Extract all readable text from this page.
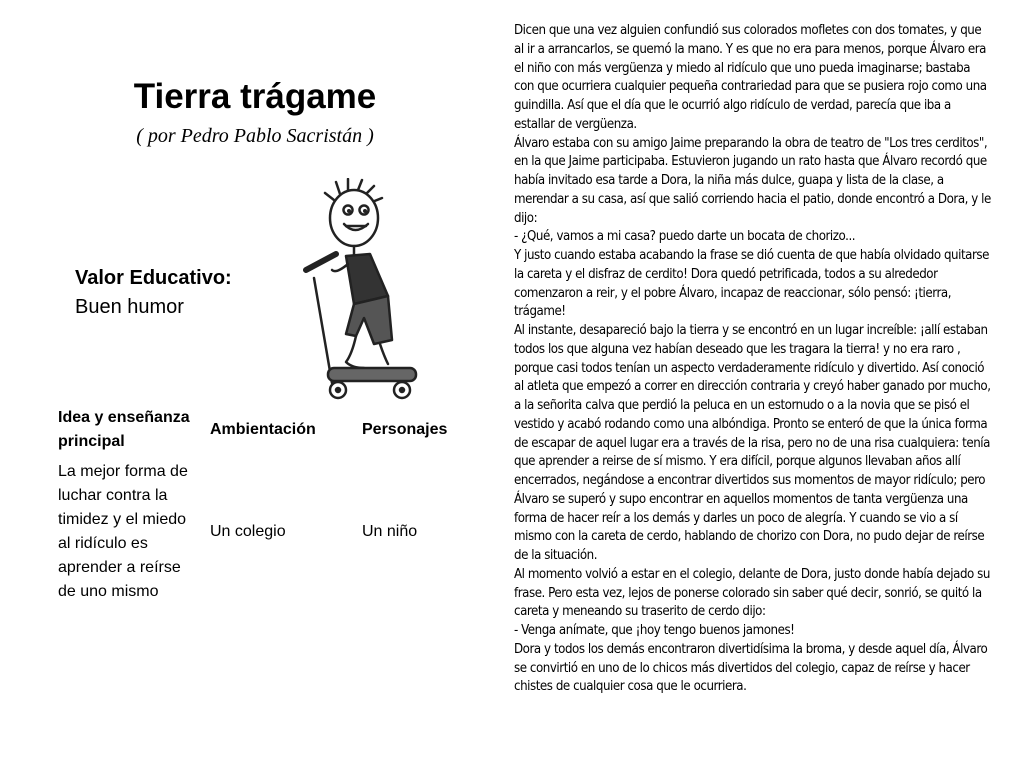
Tierra trágame
( por Pedro Pablo Sacristán )
Valor Educativo:
Buen humor
Idea y enseñanza principal	Ambientación	Personajes
La mejor forma de luchar contra la timidez y el miedo al ridículo es aprender a reírse de uno mismo	Un colegio	Un niño

Dicen que una vez alguien confundió sus colorados mofletes con dos tomates, y que al ir a arrancarlos, se quemó la mano. Y es que no era para menos, porque Álvaro era el niño con más vergüenza y miedo al ridículo que uno pueda imaginarse; bastaba con que ocurriera cualquier pequeña contrariedad para que se pusiera rojo como una guindilla. Así que el día que le ocurrió algo ridículo de verdad, parecía que iba a estallar de vergüenza.

Álvaro estaba con su amigo Jaime preparando la obra de teatro de "Los tres cerditos", en la que Jaime participaba. Estuvieron jugando un rato hasta que Álvaro recordó que había invitado esa tarde a Dora, la niña más dulce, guapa y lista de la clase, a merendar a su casa, así que salió corriendo hacia el patio, donde encontró a Dora, y le dijo:

- ¿Qué, vamos a mi casa? puedo darte un bocata de chorizo...

Y justo cuando estaba acabando la frase se dió cuenta de que había olvidado quitarse la careta y el disfraz de cerdito! Dora quedó petrificada, todos a su alrededor comenzaron a reir, y el pobre Álvaro, incapaz de reaccionar, sólo pensó: ¡tierra, trágame!

Al instante, desapareció bajo la tierra y se encontró en un lugar increíble: ¡allí estaban todos los que alguna vez habían deseado que les tragara la tierra! y no era raro , porque casi todos tenían un aspecto verdaderamente ridículo y divertido. Así conoció al atleta que empezó a correr en dirección contraria y creyó haber ganado por mucho, a la señorita calva que perdió la peluca en un estornudo o a la novia que se pisó el vestido y acabó rodando como una albóndiga. Pronto se enteró de que la única forma de escapar de aquel lugar era a través de la risa, pero no de una risa cualquiera: tenía que aprender a reirse de sí mismo. Y era difícil, porque algunos llevaban años allí encerrados, negándose a encontrar divertidos sus momentos de mayor ridículo; pero Álvaro se superó y supo encontrar en aquellos momentos de tanta vergüenza una forma de hacer reír a los demás y darles un poco de alegría. Y cuando se vio a sí mismo con la careta de cerdo, hablando de chorizo con Dora, no pudo dejar de reírse de la situación.

Al momento volvió a estar en el colegio, delante de Dora, justo donde había dejado su frase. Pero esta vez, lejos de ponerse colorado sin saber qué decir, sonrió, se quitó la careta y meneando su traserito de cerdo dijo:

- Venga anímate, que ¡hoy tengo buenos jamones!

Dora y todos los demás encontraron divertidísima la broma, y desde aquel día, Álvaro se convirtió en uno de lo chicos más divertidos del colegio, capaz de reírse y hacer chistes de cualquier cosa que le ocurriera.
